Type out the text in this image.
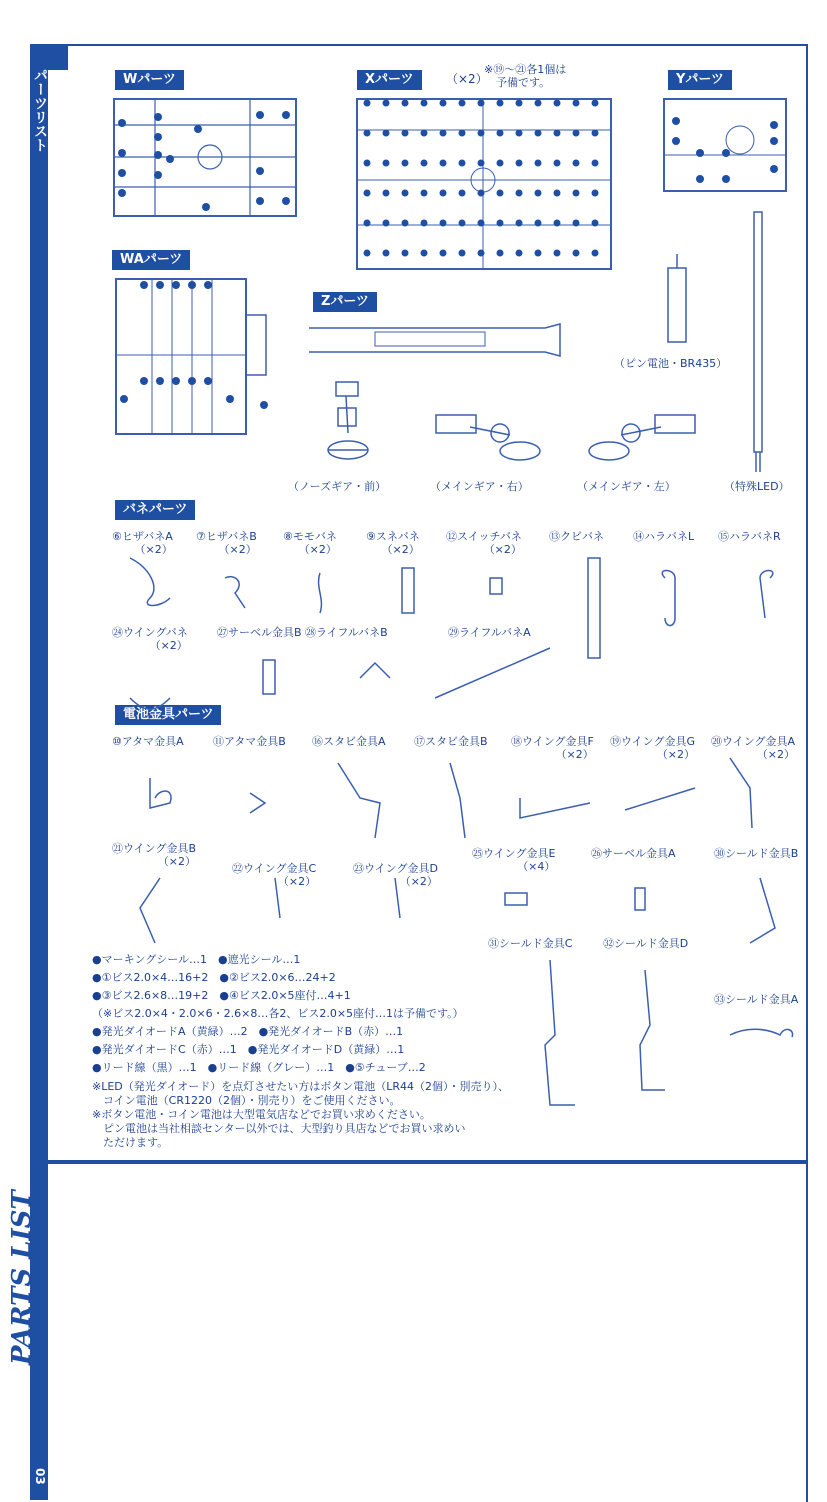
パーツリスト
PARTS LIST
03
Wパーツ	Xパーツ	（×2）
※⑲〜㉑各1個は
予備です。	Yパーツ
WAパーツ
Zパーツ
（ノーズギア・前）	（メインギア・右）	（メインギア・左）	（特殊LED）
（ピン電池・BR435）
バネパーツ
⑥ヒザバネA
（×2）
⑦ヒザバネB
（×2）
⑧モモバネ
（×2）
⑨スネバネ
（×2）
⑫スイッチバネ
（×2）
⑬クビバネ	⑭ハラバネL ⑮ハラバネR
㉔ウイングバネ
（×2）
㉗サーベル金具B ㉘ライフルバネB	㉙ライフルバネA
電池金具パーツ
⑩アタマ金具A	⑪アタマ金具B ⑯スタビ金具A	⑰スタビ金具B ⑱ウイング金具F
（×2）
⑲ウイング金具G
（×2）
⑳ウイング金具A
（×2）
㉑ウイング金具B
（×2）
㉒ウイング金具C
（×2）
㉓ウイング金具D
（×2）
㉕ウイング金具E
（×4）
㉖サーベル金具A	㉚シールド金具B
㉛シールド金具C	㉜シールド金具D
㉝シールド金具A
●マーキングシール…1　●遮光シール…1
●①ビス2.0×4…16+2　●②ビス2.0×6…24+2
●③ビス2.6×8…19+2　●④ビス2.0×5座付…4+1
（※ビス2.0×4・2.0×6・2.6×8…各2、ビス2.0×5座付…1は予備です。）
●発光ダイオードA（黄緑）…2　●発光ダイオードB（赤）…1
●発光ダイオードC（赤）…1　●発光ダイオードD（黄緑）…1
●リード線（黒）…1　●リード線（グレー）…1　●⑤チューブ…2
※LED（発光ダイオード）を点灯させたい方はボタン電池（LR44（2個）・別売り）、
　コイン電池（CR1220（2個）・別売り）をご使用ください。
※ボタン電池・コイン電池は大型電気店などでお買い求めください。
　ピン電池は当社相談センター以外では、大型釣り具店などでお買い求めい
　ただけます。
